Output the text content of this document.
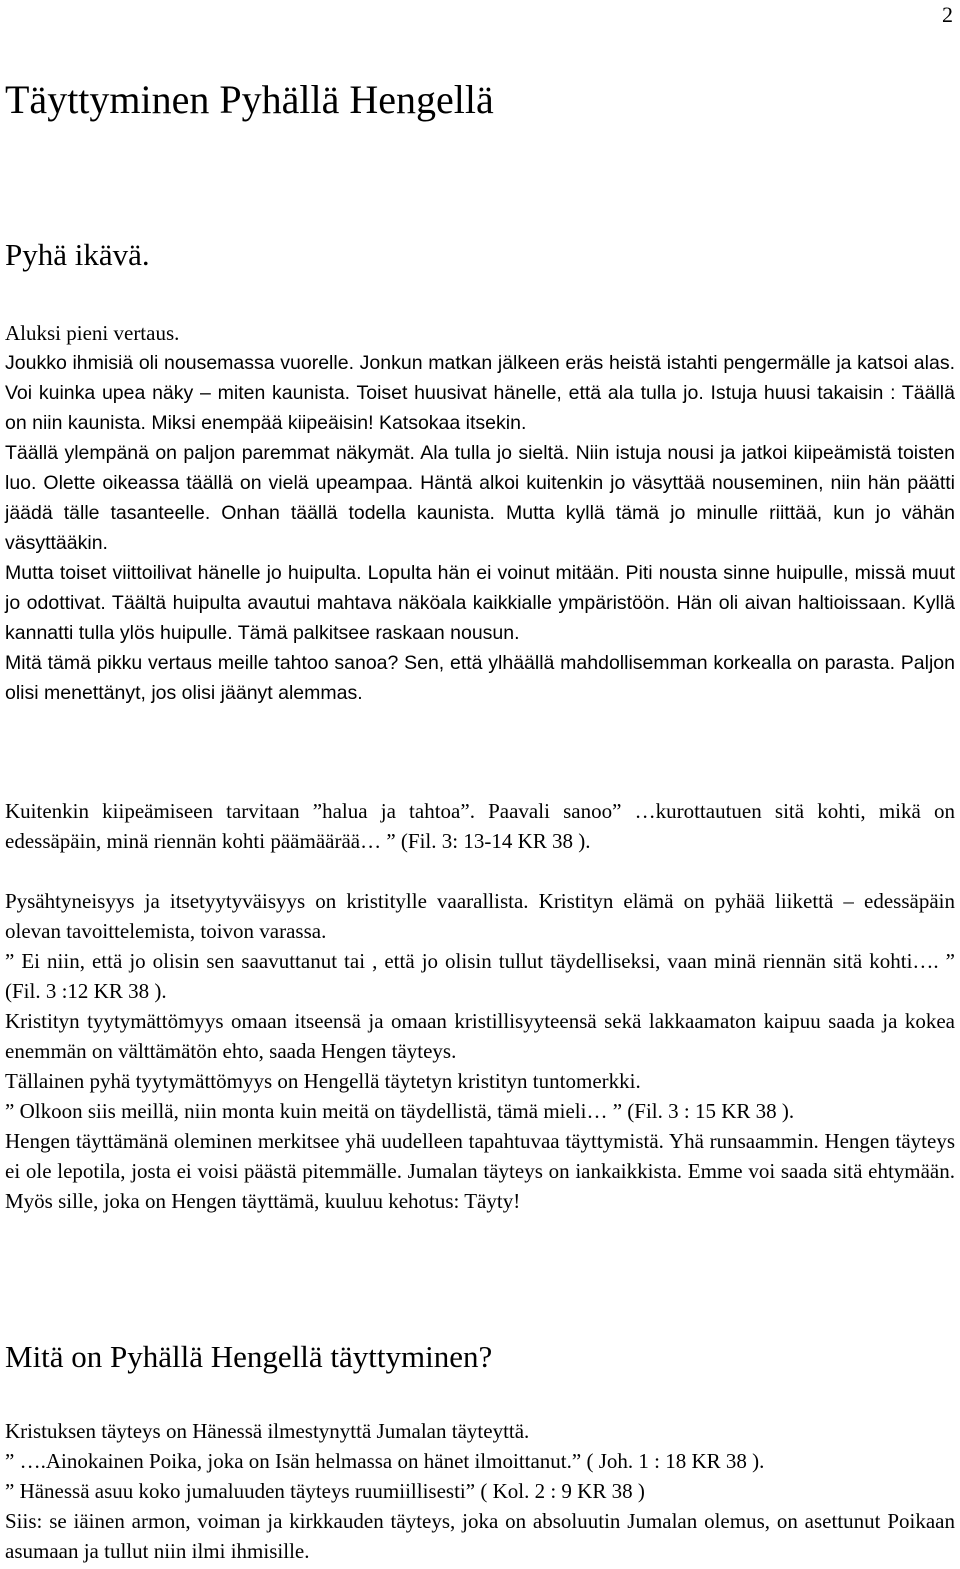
2
Täyttyminen Pyhällä Hengellä
Pyhä ikävä.

Aluksi pieni vertaus.

Joukko ihmisiä oli nousemassa vuorelle. Jonkun matkan jälkeen eräs heistä istahti pengermälle ja katsoi alas. Voi kuinka upea näky – miten kaunista. Toiset huusivat hänelle, että ala tulla jo. Istuja huusi takaisin : Täällä on niin kaunista. Miksi enempää kiipeäisin! Katsokaa itsekin.

Täällä ylempänä on paljon paremmat näkymät. Ala tulla jo sieltä. Niin istuja nousi ja jatkoi kiipeämistä toisten luo. Olette oikeassa täällä on vielä upeampaa. Häntä alkoi kuitenkin jo väsyttää nouseminen, niin hän päätti jäädä tälle tasanteelle. Onhan täällä todella kaunista. Mutta kyllä tämä jo minulle riittää, kun jo vähän väsyttääkin.

Mutta toiset viittoilivat hänelle jo huipulta. Lopulta hän ei voinut mitään. Piti nousta sinne huipulle, missä muut jo odottivat. Täältä huipulta avautui mahtava näköala kaikkialle ympäristöön. Hän oli aivan haltioissaan. Kyllä kannatti tulla ylös huipulle. Tämä palkitsee raskaan nousun.

Mitä tämä pikku vertaus meille tahtoo sanoa? Sen, että ylhäällä mahdollisemman korkealla on parasta. Paljon olisi menettänyt, jos olisi jäänyt alemmas.

Kuitenkin kiipeämiseen tarvitaan ”halua ja tahtoa”. Paavali sanoo” …kurottautuen sitä kohti, mikä on edessäpäin, minä riennän kohti päämäärää… ” (Fil. 3: 13-14 KR 38 ).

Pysähtyneisyys ja itsetyytyväisyys on kristitylle vaarallista. Kristityn elämä on pyhää liikettä – edessäpäin olevan tavoittelemista, toivon varassa.

” Ei niin, että jo olisin sen saavuttanut tai , että jo olisin tullut täydelliseksi, vaan minä riennän sitä kohti…. ” (Fil. 3 :12 KR 38 ).

Kristityn tyytymättömyys omaan itseensä ja omaan kristillisyyteensä sekä lakkaamaton kaipuu saada ja kokea enemmän on välttämätön ehto, saada Hengen täyteys.

Tällainen pyhä tyytymättömyys on Hengellä täytetyn kristityn tuntomerkki.

” Olkoon siis meillä, niin monta kuin meitä on täydellistä, tämä mieli… ” (Fil. 3 : 15 KR 38 ).

Hengen täyttämänä oleminen merkitsee yhä uudelleen tapahtuvaa täyttymistä. Yhä runsaammin. Hengen täyteys ei ole lepotila, josta ei voisi päästä pitemmälle. Jumalan täyteys on iankaikkista. Emme voi saada sitä ehtymään. Myös sille, joka on Hengen täyttämä, kuuluu kehotus: Täyty!

Mitä on Pyhällä Hengellä täyttyminen?

Kristuksen täyteys on Hänessä ilmestynyttä Jumalan täyteyttä.

” ….Ainokainen Poika, joka on Isän helmassa on hänet ilmoittanut.” ( Joh. 1 : 18 KR 38 ).

” Hänessä asuu koko jumaluuden täyteys ruumiillisesti” ( Kol. 2 : 9 KR 38 )

Siis: se iäinen armon, voiman ja kirkkauden täyteys, joka on absoluutin Jumalan olemus, on asettunut Poikaan asumaan ja tullut niin ilmi ihmisille.
